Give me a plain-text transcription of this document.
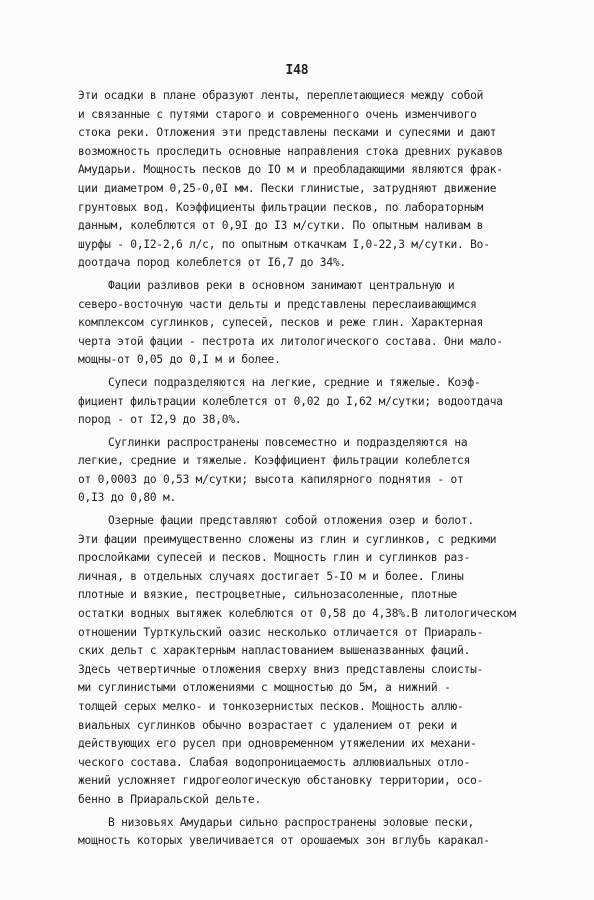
I48
Эти осадки в плане образуют ленты, переплетающиеся между собой
и связанные с путями старого и современного очень изменчивого
стока реки. Отложения эти представлены песками и супесями и дают
возможность проследить основные направления стока древних рукавов
Амударьи. Мощность песков до IO м и преобладающими являются фрак-
ции диаметром 0,25-0,0I мм. Пески глинистые, затрудняют движение
грунтовых вод. Коэффициенты фильтрации песков, по лабораторным
данным, колеблются от 0,9I до I3 м/сутки. По опытным наливам в
шурфы - 0,I2-2,6 л/с, по опытным откачкам I,0-22,3 м/сутки. Во-
доотдача пород колеблется от I6,7 до 34%.
Фации разливов реки в основном занимают центральную и
северо-восточную части дельты и представлены переслаивающимся
комплексом суглинков, супесей, песков и реже глин. Характерная
черта этой фации - пестрота их литологического состава. Они мало-
мощны-от 0,05 до 0,I м и более.
Супеси подразделяются на легкие, средние и тяжелые. Коэф-
фициент фильтрации колеблется от 0,02 до I,62 м/сутки; водоотдача
пород - от I2,9 до 38,0%.
Суглинки распространены повсеместно и подразделяются на
легкие, средние и тяжелые. Коэффициент фильтрации колеблется
от 0,0003 до 0,53 м/сутки; высота капилярного поднятия - от
0,I3 до 0,80 м.
Озерные фации представляют собой отложения озер и болот.
Эти фации преимущественно сложены из глин и суглинков, с редкими
прослойками супесей и песков. Мощность глин и суглинков раз-
личная, в отдельных случаях достигает 5-IO м и более. Глины
плотные и вязкие, пестроцветные, сильнозасоленные, плотные
остатки водных вытяжек колеблются от 0,58 до 4,38%.В литологическом
отношении Турткульский оазис несколько отличается от Приараль-
ских дельт с характерным напластованием вышеназванных фаций.
Здесь четвертичные отложения сверху вниз представлены слоисты-
ми суглинистыми отложениями с мощностью до 5м, а нижний -
толщей серых мелко- и тонкозернистых песков. Мощность аллю-
виальных суглинков обычно возрастает с удалением от реки и
действующих его русел при одновременном утяжелении их механи-
ческого состава. Слабая водопроницаемость аллювиальных отло-
жений усложняет гидрогеологическую обстановку территории, осо-
бенно в Приаральской дельте.
В низовьях Амударьи сильно распространены эоловые пески,
мощность которых увеличивается от орошаемых зон вглубь каракал-
